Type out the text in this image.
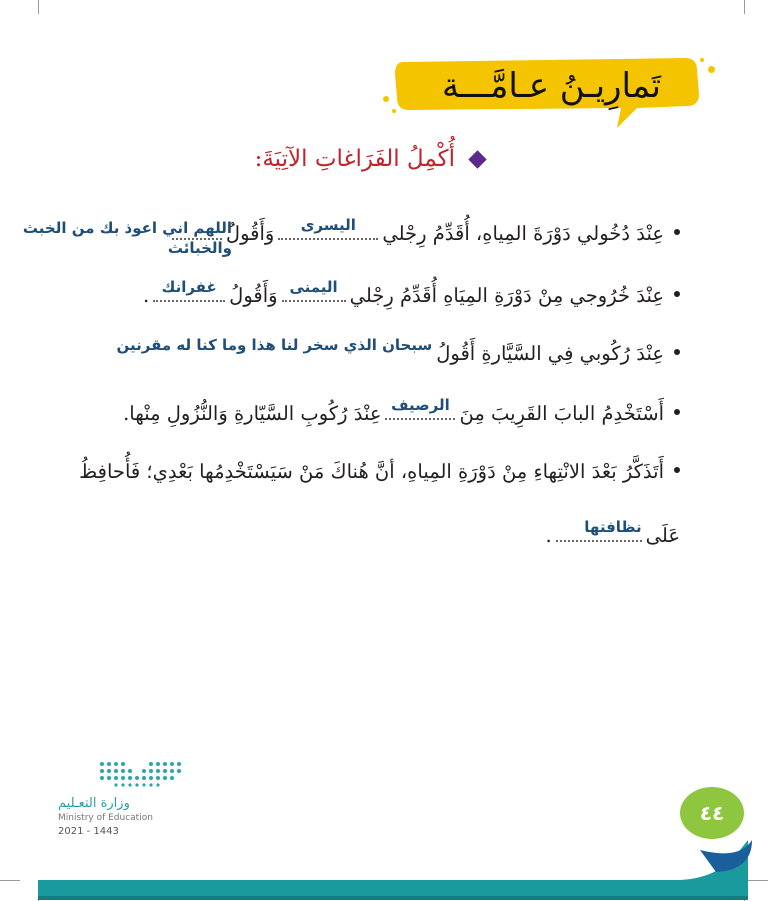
تَمارِيـنُ عـامَّـــة
أُكْمِلُ الفَرَاغاتِ الآتِيَةَ:
عِنْدَ دُخُولي دَوْرَةَ المِياهِ، أُقَدِّمُ رِجْلي
اليسرى
وَأَقُولُ
اللهم اني اعوذ بك من الخبث والخبائث
عِنْدَ خُرُوجي مِنْ دَوْرَةِ المِيَاهِ أُقَدِّمُ رِجْلي
اليمنى
وَأَقُولُ
غفرانك
.
عِنْدَ رُكُوبي فِي السَّيَّارةِ أَقُولُ
سبحان الذي سخر لنا هذا وما كنا له مقرنين
أَسْتَخْدِمُ البابَ القَرِيبَ مِنَ
الرصيف
عِنْدَ رُكُوبِ السَّيّارةِ وَالنُّزُولِ مِنْها.
أَتَذَكَّرُ بَعْدَ الانْتِهاءِ مِنْ دَوْرَةِ المِياهِ، أنَّ هُناكَ مَنْ سَيَسْتَخْدِمُها بَعْدِي؛ فَأُحافِظُ
عَلَى
نظافتها
.
وزارة التعـليم
Ministry of Education
2021 - 1443
٤٤
